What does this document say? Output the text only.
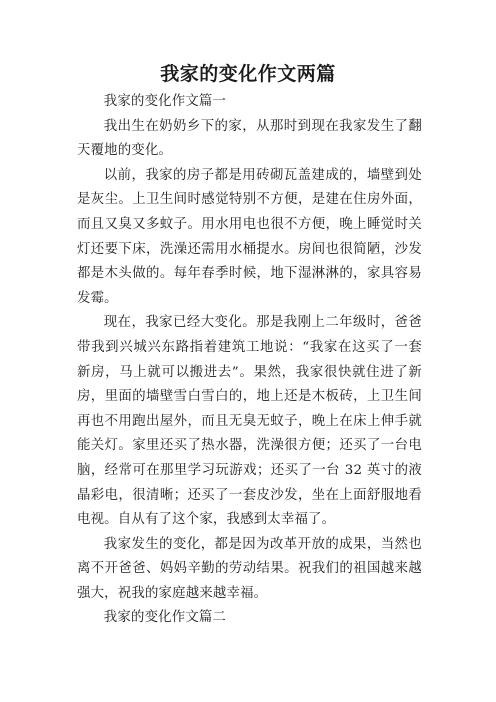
我家的变化作文两篇

我家的变化作文篇一

我出生在奶奶乡下的家，从那时到现在我家发生了翻天覆地的变化。

以前，我家的房子都是用砖砌瓦盖建成的，墙壁到处是灰尘。上卫生间时感觉特别不方便，是建在住房外面，而且又臭又多蚊子。用水用电也很不方便，晚上睡觉时关灯还要下床，洗澡还需用水桶提水。房间也很简陋，沙发都是木头做的。每年春季时候，地下湿淋淋的，家具容易发霉。

现在，我家已经大变化。那是我刚上二年级时，爸爸带我到兴城兴东路指着建筑工地说：“我家在这买了一套新房，马上就可以搬进去”。果然，我家很快就住进了新房，里面的墙壁雪白雪白的，地上还是木板砖，上卫生间再也不用跑出屋外，而且无臭无蚊子，晚上在床上伸手就能关灯。家里还买了热水器，洗澡很方便；还买了一台电脑，经常可在那里学习玩游戏；还买了一台 32 英寸的液晶彩电，很清晰；还买了一套皮沙发，坐在上面舒服地看电视。自从有了这个家，我感到太幸福了。

我家发生的变化，都是因为改革开放的成果，当然也离不开爸爸、妈妈辛勤的劳动结果。祝我们的祖国越来越强大，祝我的家庭越来越幸福。

我家的变化作文篇二
